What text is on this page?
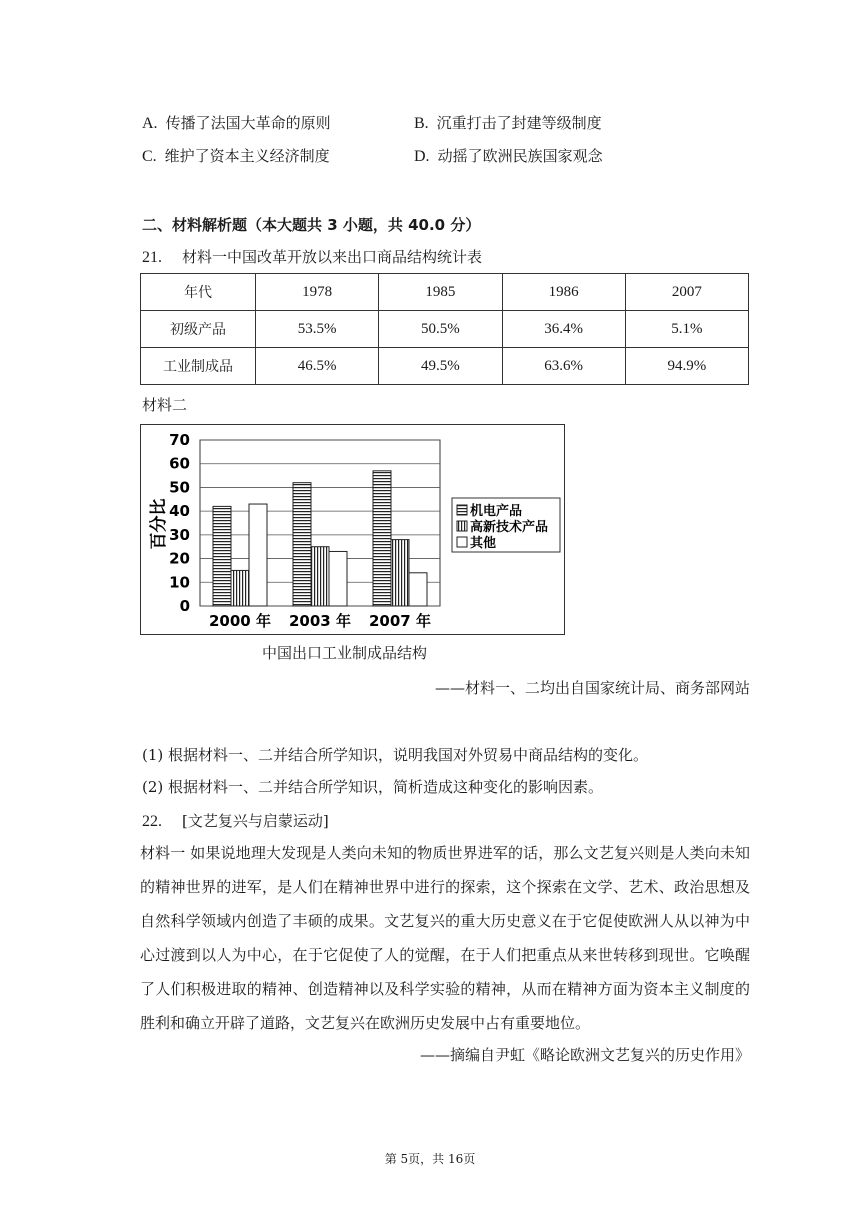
A. 传播了法国大革命的原则	B. 沉重打击了封建等级制度
C. 维护了资本主义经济制度	D. 动摇了欧洲民族国家观念
二、材料解析题（本大题共 3 小题，共 40.0 分）
21. 材料一中国改革开放以来出口商品结构统计表
年代	1978	1985	1986	2007
初级产品	53.5%	50.5%	36.4%	5.1%
工业制成品	46.5%	49.5%	63.6%	94.9%
材料二
0
10
20
30
40
50
60
70
2000 年 2003 年 2007 年
百分比	机电产品
高新技术产品
其他
中国出口工业制成品结构
——材料一、二均出自国家统计局、商务部网站
(1) 根据材料一、二并结合所学知识，说明我国对外贸易中商品结构的变化。
(2) 根据材料一、二并结合所学知识，简析造成这种变化的影响因素。
22. [文艺复兴与启蒙运动]
材料一 如果说地理大发现是人类向未知的物质世界进军的话，那么文艺复兴则是人类向未知的精神世界的进军，是人们在精神世界中进行的探索，这个探索在文学、艺术、政治思想及自然科学领域内创造了丰硕的成果。文艺复兴的重大历史意义在于它促使欧洲人从以神为中心过渡到以人为中心，在于它促使了人的觉醒，在于人们把重点从来世转移到现世。它唤醒了人们积极进取的精神、创造精神以及科学实验的精神，从而在精神方面为资本主义制度的胜利和确立开辟了道路，文艺复兴在欧洲历史发展中占有重要地位。
——摘编自尹虹《略论欧洲文艺复兴的历史作用》
第 5页，共 16页
